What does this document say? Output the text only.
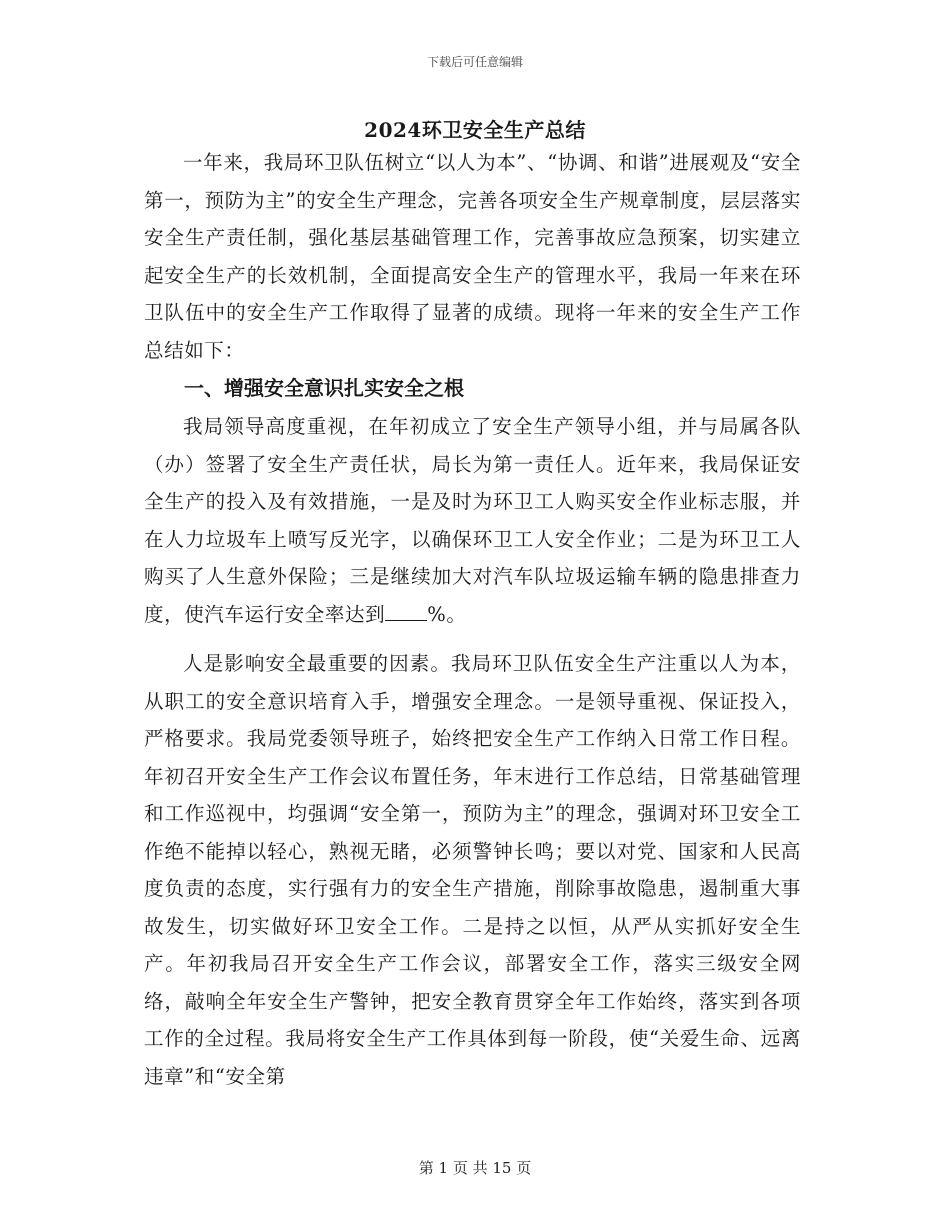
下载后可任意编辑
2024环卫安全生产总结

一年来，我局环卫队伍树立“以人为本”、“协调、和谐”进展观及“安全第一，预防为主”的安全生产理念，完善各项安全生产规章制度，层层落实安全生产责任制，强化基层基础管理工作，完善事故应急预案，切实建立起安全生产的长效机制，全面提高安全生产的管理水平，我局一年来在环卫队伍中的安全生产工作取得了显著的成绩。现将一年来的安全生产工作总结如下：

一、增强安全意识扎实安全之根

我局领导高度重视，在年初成立了安全生产领导小组，并与局属各队（办）签署了安全生产责任状，局长为第一责任人。近年来，我局保证安全生产的投入及有效措施，一是及时为环卫工人购买安全作业标志服，并在人力垃圾车上喷写反光字，以确保环卫工人安全作业；二是为环卫工人购买了人生意外保险；三是继续加大对汽车队垃圾运输车辆的隐患排查力度，使汽车运行安全率达到 %。

人是影响安全最重要的因素。我局环卫队伍安全生产注重以人为本，从职工的安全意识培育入手，增强安全理念。一是领导重视、保证投入，严格要求。我局党委领导班子，始终把安全生产工作纳入日常工作日程。年初召开安全生产工作会议布置任务，年末进行工作总结，日常基础管理和工作巡视中，均强调“安全第一，预防为主”的理念，强调对环卫安全工作绝不能掉以轻心，熟视无睹，必须警钟长鸣；要以对党、国家和人民高度负责的态度，实行强有力的安全生产措施，削除事故隐患，遏制重大事故发生，切实做好环卫安全工作。二是持之以恒，从严从实抓好安全生产。年初我局召开安全生产工作会议，部署安全工作，落实三级安全网络，敲响全年安全生产警钟，把安全教育贯穿全年工作始终，落实到各项工作的全过程。我局将安全生产工作具体到每一阶段，使“关爱生命、远离违章”和“安全第

第 1 页 共 15 页
